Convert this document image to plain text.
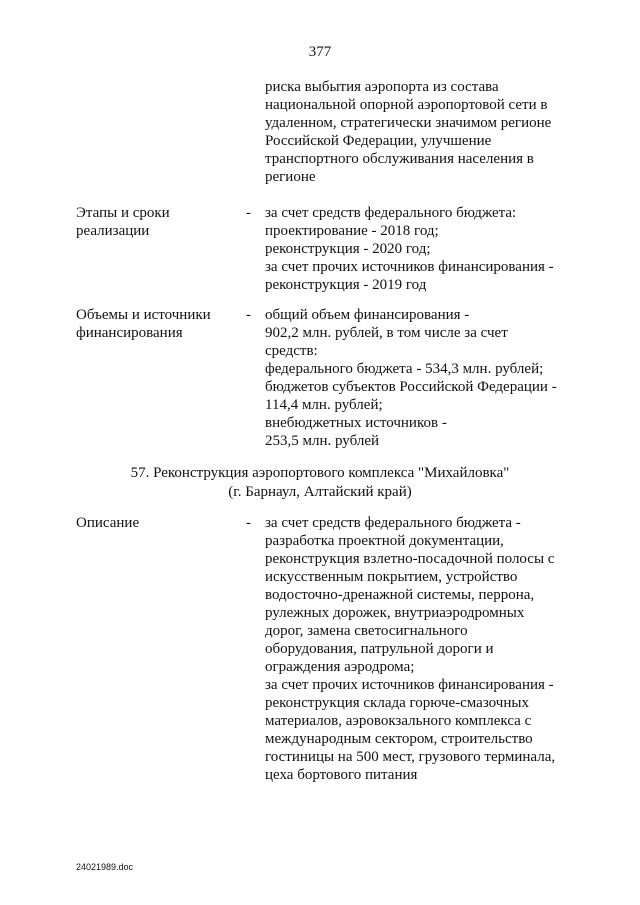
377
риска выбытия аэропорта из состава
национальной опорной аэропортовой сети в
удаленном, стратегически значимом регионе
Российской Федерации, улучшение
транспортного обслуживания населения в
регионе
Этапы и сроки
реализации
- за счет средств федерального бюджета:
проектирование - 2018 год;
реконструкция - 2020 год;
за счет прочих источников финансирования -
реконструкция - 2019 год
Объемы и источники
финансирования
- общий объем финансирования -
902,2 млн. рублей, в том числе за счет
средств:
федерального бюджета - 534,3 млн. рублей;
бюджетов субъектов Российской Федерации -
114,4 млн. рублей;
внебюджетных источников -
253,5 млн. рублей
57. Реконструкция аэропортового комплекса "Михайловка"
(г. Барнаул, Алтайский край)
Описание	- за счет средств федерального бюджета -
разработка проектной документации,
реконструкция взлетно-посадочной полосы с
искусственным покрытием, устройство
водосточно-дренажной системы, перрона,
рулежных дорожек, внутриаэродромных
дорог, замена светосигнального
оборудования, патрульной дороги и
ограждения аэродрома;
за счет прочих источников финансирования -
реконструкция склада горюче-смазочных
материалов, аэровокзального комплекса с
международным сектором, строительство
гостиницы на 500 мест, грузового терминала,
цеха бортового питания
24021989.doc
